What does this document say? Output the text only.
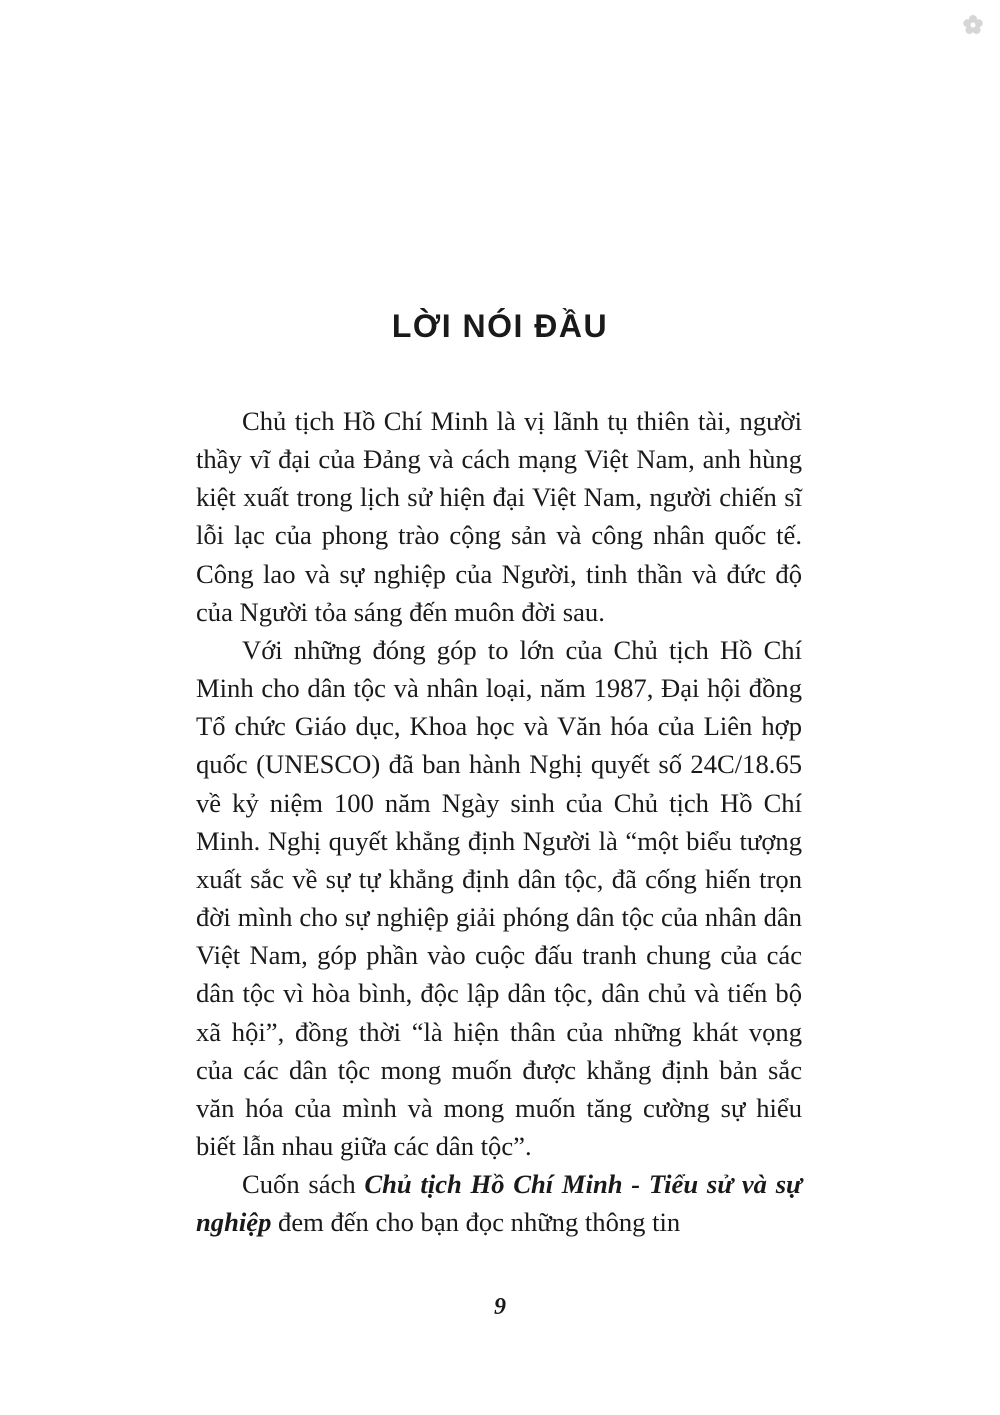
LỜI NÓI ĐẦU

Chủ tịch Hồ Chí Minh là vị lãnh tụ thiên tài, người thầy vĩ đại của Đảng và cách mạng Việt Nam, anh hùng kiệt xuất trong lịch sử hiện đại Việt Nam, người chiến sĩ lỗi lạc của phong trào cộng sản và công nhân quốc tế. Công lao và sự nghiệp của Người, tinh thần và đức độ của Người tỏa sáng đến muôn đời sau.

Với những đóng góp to lớn của Chủ tịch Hồ Chí Minh cho dân tộc và nhân loại, năm 1987, Đại hội đồng Tổ chức Giáo dục, Khoa học và Văn hóa của Liên hợp quốc (UNESCO) đã ban hành Nghị quyết số 24C/18.65 về kỷ niệm 100 năm Ngày sinh của Chủ tịch Hồ Chí Minh. Nghị quyết khẳng định Người là “một biểu tượng xuất sắc về sự tự khẳng định dân tộc, đã cống hiến trọn đời mình cho sự nghiệp giải phóng dân tộc của nhân dân Việt Nam, góp phần vào cuộc đấu tranh chung của các dân tộc vì hòa bình, độc lập dân tộc, dân chủ và tiến bộ xã hội”, đồng thời “là hiện thân của những khát vọng của các dân tộc mong muốn được khẳng định bản sắc văn hóa của mình và mong muốn tăng cường sự hiểu biết lẫn nhau giữa các dân tộc”.

Cuốn sách Chủ tịch Hồ Chí Minh - Tiểu sử và sự nghiệp đem đến cho bạn đọc những thông tin

9
